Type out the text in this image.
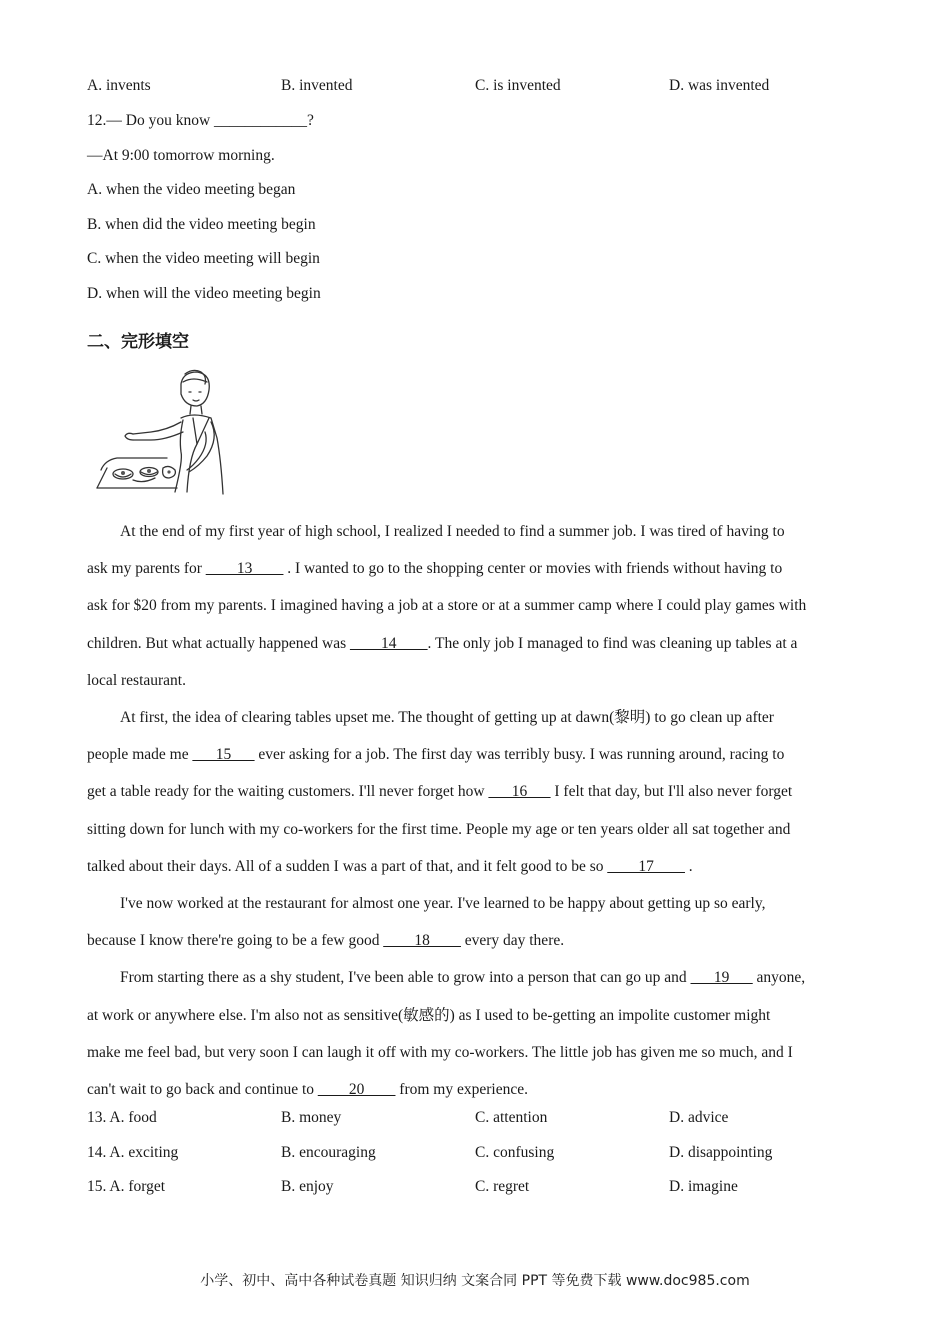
A. invents	B. invented	C. is invented	D. was invented
12.— Do you know ____________?
—At 9:00 tomorrow morning.
A. when the video meeting began
B. when did the video meeting begin
C. when the video meeting will begin
D. when will the video meeting begin
二、完形填空

At the end of my first year of high school, I realized I needed to find a summer job. I was tired of having to

ask my parents for ____13____ . I wanted to go to the shopping center or movies with friends without having to

ask for $20 from my parents. I imagined having a job at a store or at a summer camp where I could play games with

children. But what actually happened was ____14____. The only job I managed to find was cleaning up tables at a

local restaurant.

At first, the idea of clearing tables upset me. The thought of getting up at dawn(黎明) to go clean up after

people made me ___15___ ever asking for a job. The first day was terribly busy. I was running around, racing to

get a table ready for the waiting customers. I'll never forget how ___16___ I felt that day, but I'll also never forget

sitting down for lunch with my co-workers for the first time. People my age or ten years older all sat together and

talked about their days. All of a sudden I was a part of that, and it felt good to be so ____17____ .

I've now worked at the restaurant for almost one year. I've learned to be happy about getting up so early,

because I know there're going to be a few good ____18____ every day there.

From starting there as a shy student, I've been able to grow into a person that can go up and ___19___ anyone,

at work or anywhere else. I'm also not as sensitive(敏感的) as I used to be-getting an impolite customer might

make me feel bad, but very soon I can laugh it off with my co-workers. The little job has given me so much, and I

can't wait to go back and continue to ____20____ from my experience.

13. A. food	B. money	C. attention	D. advice
14. A. exciting	B. encouraging	C. confusing	D. disappointing
15. A. forget	B. enjoy	C. regret	D. imagine
小学、初中、高中各种试卷真题 知识归纳 文案合同 PPT 等免费下载 www.doc985.com
